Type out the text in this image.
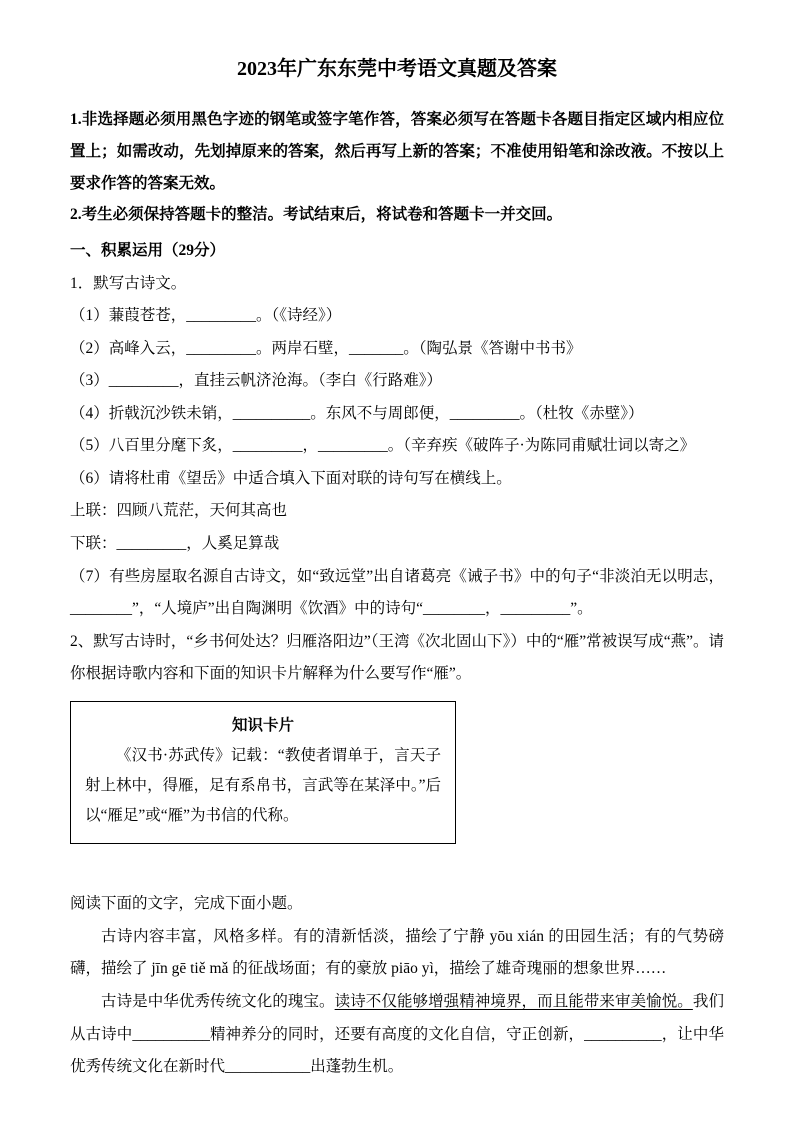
2023年广东东莞中考语文真题及答案

1.非选择题必须用黑色字迹的钢笔或签字笔作答，答案必须写在答题卡各题目指定区域内相应位置上；如需改动，先划掉原来的答案，然后再写上新的答案；不准使用铅笔和涂改液。不按以上要求作答的答案无效。

2.考生必须保持答题卡的整洁。考试结束后，将试卷和答题卡一并交回。

一、积累运用（29分）

1．默写古诗文。

（1）蒹葭苍苍，_________。（《诗经》）

（2）高峰入云，_________。两岸石壁，_______。（陶弘景《答谢中书书》

（3）_________，直挂云帆济沧海。（李白《行路难》）

（4）折戟沉沙铁未销，__________。东风不与周郎便，_________。（杜牧《赤壁》）

（5）八百里分麾下炙，_________，_________。（辛弃疾《破阵子·为陈同甫赋壮词以寄之》

（6）请将杜甫《望岳》中适合填入下面对联的诗句写在横线上。

上联：四顾八荒茫，天何其高也

下联：_________，人奚足算哉

（7）有些房屋取名源自古诗文，如“致远堂”出自诸葛亮《诫子书》中的句子“非淡泊无以明志，________”，“人境庐”出自陶渊明《饮酒》中的诗句“________，_________”。

2、默写古诗时，“乡书何处达？归雁洛阳边”（王湾《次北固山下》）中的“雁”常被误写成“燕”。请你根据诗歌内容和下面的知识卡片解释为什么要写作“雁”。

知识卡片

《汉书·苏武传》记载：“教使者谓单于，言天子射上林中，得雁，足有系帛书，言武等在某泽中。”后以“雁足”或“雁”为书信的代称。

阅读下面的文字，完成下面小题。

古诗内容丰富，风格多样。有的清新恬淡，描绘了宁静 yōu xián 的田园生活；有的气势磅礴，描绘了 jīn gē tiě mǎ 的征战场面；有的豪放 piāo yì，描绘了雄奇瑰丽的想象世界……

古诗是中华优秀传统文化的瑰宝。读诗不仅能够增强精神境界，而且能带来审美愉悦。我们从古诗中__________精神养分的同时，还要有高度的文化自信，守正创新，__________，让中华优秀传统文化在新时代___________出蓬勃生机。
